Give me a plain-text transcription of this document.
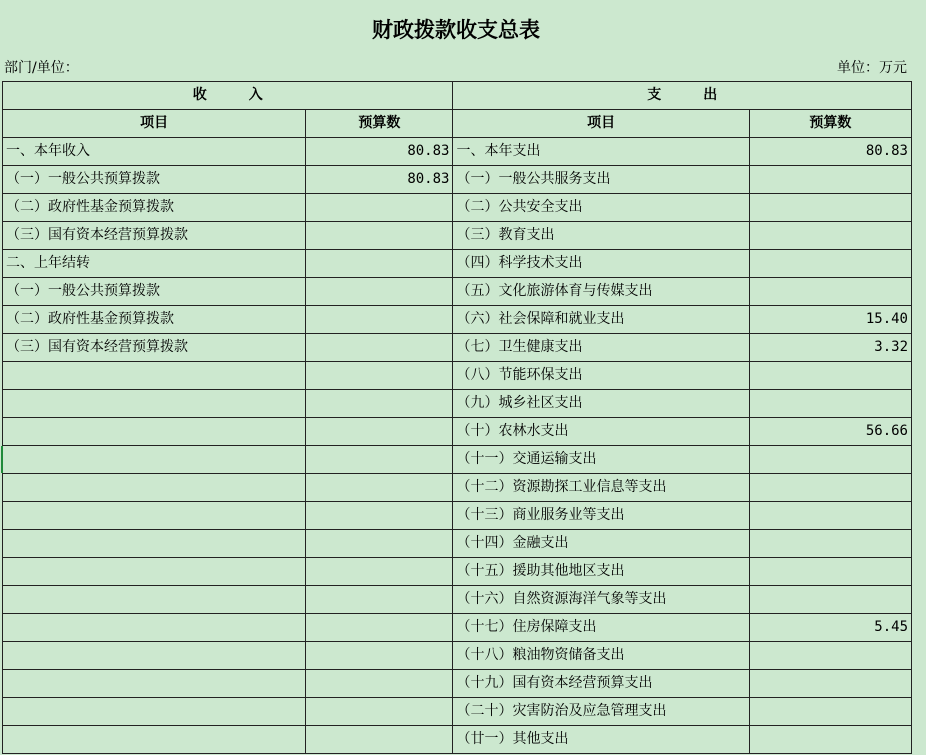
财政拨款收支总表
部门/单位：	单位：万元
收　　　入		支　　　出	
项目	预算数	项目	预算数
一、本年收入	80.83	一、本年支出	80.83
（一）一般公共预算拨款	80.83	（一）一般公共服务支出	
（二）政府性基金预算拨款		（二）公共安全支出	
（三）国有资本经营预算拨款		（三）教育支出	
二、上年结转		（四）科学技术支出	
（一）一般公共预算拨款		（五）文化旅游体育与传媒支出	
（二）政府性基金预算拨款		（六）社会保障和就业支出	15.40
（三）国有资本经营预算拨款		（七）卫生健康支出	3.32
		（八）节能环保支出	
		（九）城乡社区支出	
		（十）农林水支出	56.66
		（十一）交通运输支出	
		（十二）资源勘探工业信息等支出	
		（十三）商业服务业等支出	
		（十四）金融支出	
		（十五）援助其他地区支出	
		（十六）自然资源海洋气象等支出	
		（十七）住房保障支出	5.45
		（十八）粮油物资储备支出	
		（十九）国有资本经营预算支出	
		（二十）灾害防治及应急管理支出	
		（廿一）其他支出	
